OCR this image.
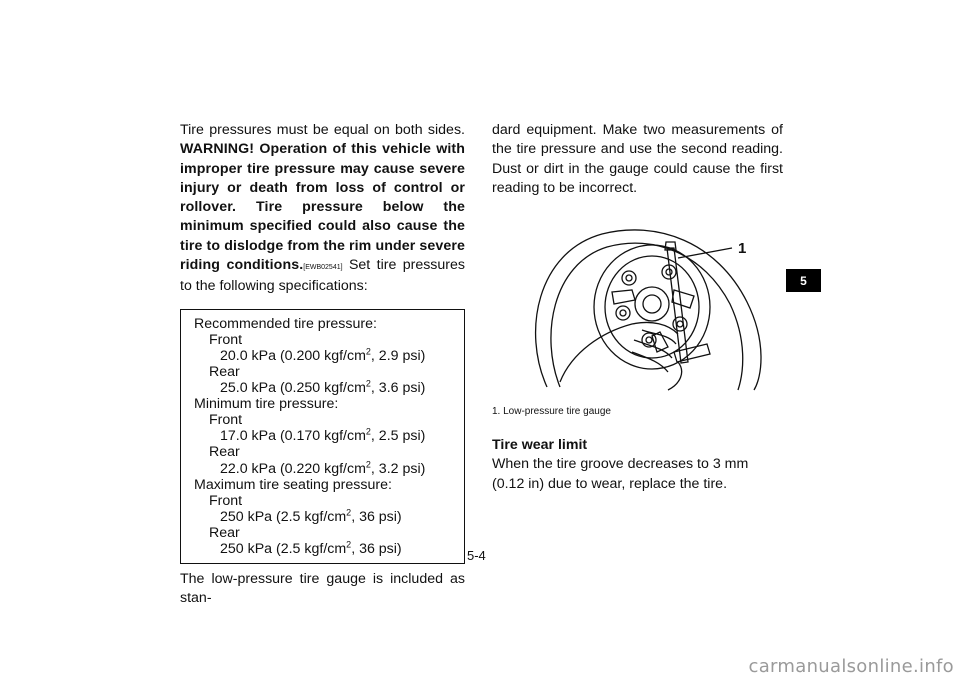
Tire pressures must be equal on both sides. WARNING! Operation of this vehicle with improper tire pressure may cause severe injury or death from loss of control or rollover. Tire pressure below the minimum specified could also cause the tire to dislodge from the rim under severe riding conditions.[EWB02541] Set tire pressures to the following specifications:
Recommended tire pressure:
Front
20.0 kPa (0.200 kgf/$cm^2$, 2.9 psi)
Rear
25.0 kPa (0.250 kgf/$cm^2$, 3.6 psi)
Minimum tire pressure:
Front
17.0 kPa (0.170 kgf/$cm^2$, 2.5 psi)
Rear
22.0 kPa (0.220 kgf/$cm^2$, 3.2 psi)
Maximum tire seating pressure:
Front
250 kPa (2.5 kgf/$cm^2$, 36 psi)
Rear
250 kPa (2.5 kgf/$cm^2$, 36 psi)
The low-pressure tire gauge is included as stan-
dard equipment. Make two measurements of the tire pressure and use the second reading. Dust or dirt in the gauge could cause the first reading to be incorrect.
1
1. Low-pressure tire gauge
Tire wear limit
When the tire groove decreases to 3 mm (0.12 in) due to wear, replace the tire.
5-4
5
carmanualsonline.info
